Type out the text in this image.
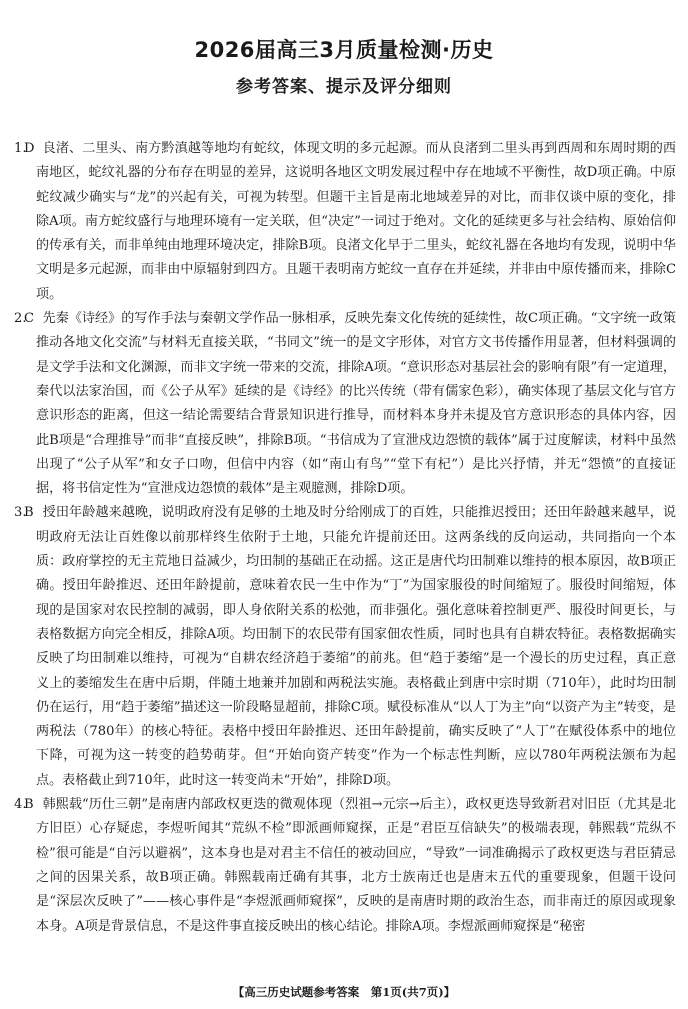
2026届高三3月质量检测·历史
参考答案、提示及评分细则

1.D  良渚、二里头、南方黔滇越等地均有蛇纹，体现文明的多元起源。而从良渚到二里头再到西周和东周时期的西南地区，蛇纹礼器的分布存在明显的差异，这说明各地区文明发展过程中存在地域不平衡性，故D项正确。中原蛇纹减少确实与“龙”的兴起有关，可视为转型。但题干主旨是南北地域差异的对比，而非仅谈中原的变化，排除A项。南方蛇纹盛行与地理环境有一定关联，但“决定”一词过于绝对。文化的延续更多与社会结构、原始信仰的传承有关，而非单纯由地理环境决定，排除B项。良渚文化早于二里头，蛇纹礼器在各地均有发现，说明中华文明是多元起源，而非由中原辐射到四方。且题干表明南方蛇纹一直存在并延续，并非由中原传播而来，排除C项。

2.C  先秦《诗经》的写作手法与秦朝文学作品一脉相承，反映先秦文化传统的延续性，故C项正确。“文字统一政策推动各地文化交流”与材料无直接关联，“书同文”统一的是文字形体，对官方文书传播作用显著，但材料强调的是文学手法和文化渊源，而非文字统一带来的交流，排除A项。“意识形态对基层社会的影响有限”有一定道理，秦代以法家治国，而《公子从军》延续的是《诗经》的比兴传统（带有儒家色彩），确实体现了基层文化与官方意识形态的距离，但这一结论需要结合背景知识进行推导，而材料本身并未提及官方意识形态的具体内容，因此B项是“合理推导”而非“直接反映”，排除B项。“书信成为了宣泄戍边怨愤的载体”属于过度解读，材料中虽然出现了“公子从军”和女子口吻，但信中内容（如“南山有鸟”“堂下有杞”）是比兴抒情，并无“怨愤”的直接证据，将书信定性为“宣泄戍边怨愤的载体”是主观臆测，排除D项。

3.B  授田年龄越来越晚，说明政府没有足够的土地及时分给刚成丁的百姓，只能推迟授田；还田年龄越来越早，说明政府无法让百姓像以前那样终生依附于土地，只能允许提前还田。这两条线的反向运动，共同指向一个本质：政府掌控的无主荒地日益减少，均田制的基础正在动摇。这正是唐代均田制难以维持的根本原因，故B项正确。授田年龄推迟、还田年龄提前，意味着农民一生中作为“丁”为国家服役的时间缩短了。服役时间缩短，体现的是国家对农民控制的减弱，即人身依附关系的松弛，而非强化。强化意味着控制更严、服役时间更长，与表格数据方向完全相反，排除A项。均田制下的农民带有国家佃农性质，同时也具有自耕农特征。表格数据确实反映了均田制难以维持，可视为“自耕农经济趋于萎缩”的前兆。但“趋于萎缩”是一个漫长的历史过程，真正意义上的萎缩发生在唐中后期，伴随土地兼并加剧和两税法实施。表格截止到唐中宗时期（710年），此时均田制仍在运行，用“趋于萎缩”描述这一阶段略显超前，排除C项。赋役标准从“以人丁为主”向“以资产为主”转变，是两税法（780年）的核心特征。表格中授田年龄推迟、还田年龄提前，确实反映了“人丁”在赋役体系中的地位下降，可视为这一转变的趋势萌芽。但“开始向资产转变”作为一个标志性判断，应以780年两税法颁布为起点。表格截止到710年，此时这一转变尚未“开始”，排除D项。

4.B  韩熙载“历仕三朝”是南唐内部政权更迭的微观体现（烈祖→元宗→后主），政权更迭导致新君对旧臣（尤其是北方旧臣）心存疑虑，李煜听闻其“荒纵不检”即派画师窥探，正是“君臣互信缺失”的极端表现，韩熙载“荒纵不检”很可能是“自污以避祸”，这本身也是对君主不信任的被动回应，“导致”一词准确揭示了政权更迭与君臣猜忌之间的因果关系，故B项正确。韩熙载南迁确有其事，北方士族南迁也是唐末五代的重要现象，但题干设问是“深层次反映了”——核心事件是“李煜派画师窥探”，反映的是南唐时期的政治生态，而非南迁的原因或现象本身。A项是背景信息，不是这件事直接反映出的核心结论。排除A项。李煜派画师窥探是“秘密

【高三历史试题参考答案  第1页(共7页)】
